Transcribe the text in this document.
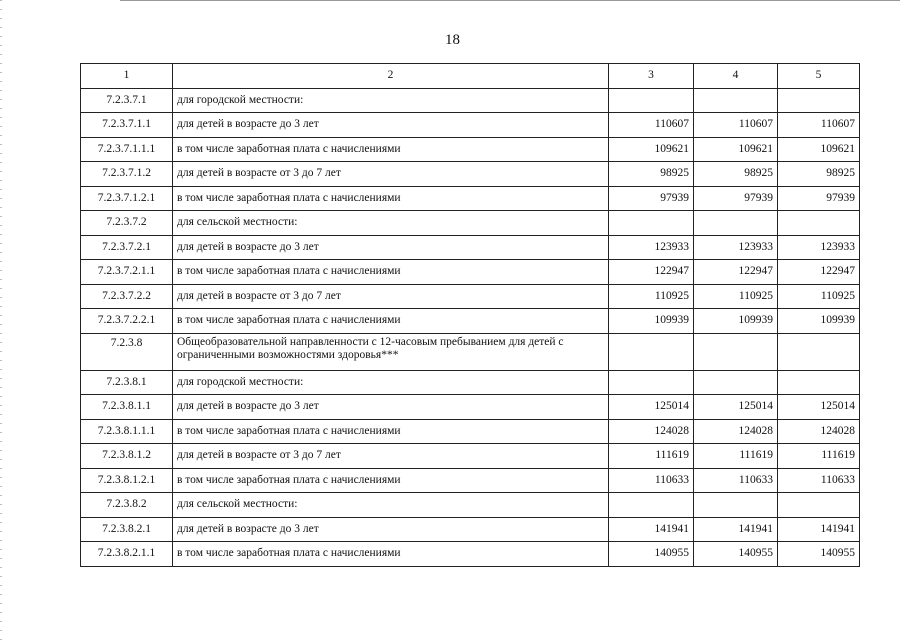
18
1	2	3	4	5
7.2.3.7.1	для городской местности:			
7.2.3.7.1.1	для детей в возрасте до 3 лет	110607	110607	110607
7.2.3.7.1.1.1	в том числе заработная плата с начислениями	109621	109621	109621
7.2.3.7.1.2	для детей в возрасте от 3 до 7 лет	98925	98925	98925
7.2.3.7.1.2.1	в том числе заработная плата с начислениями	97939	97939	97939
7.2.3.7.2	для сельской местности:			
7.2.3.7.2.1	для детей в возрасте до 3 лет	123933	123933	123933
7.2.3.7.2.1.1	в том числе заработная плата с начислениями	122947	122947	122947
7.2.3.7.2.2	для детей в возрасте от 3 до 7 лет	110925	110925	110925
7.2.3.7.2.2.1	в том числе заработная плата с начислениями	109939	109939	109939
7.2.3.8	Общеобразовательной направленности с 12-часовым пребыванием для детей с ограниченными возможностями здоровья***			
7.2.3.8.1	для городской местности:			
7.2.3.8.1.1	для детей в возрасте до 3 лет	125014	125014	125014
7.2.3.8.1.1.1	в том числе заработная плата с начислениями	124028	124028	124028
7.2.3.8.1.2	для детей в возрасте от 3 до 7 лет	111619	111619	111619
7.2.3.8.1.2.1	в том числе заработная плата с начислениями	110633	110633	110633
7.2.3.8.2	для сельской местности:			
7.2.3.8.2.1	для детей в возрасте до 3 лет	141941	141941	141941
7.2.3.8.2.1.1	в том числе заработная плата с начислениями	140955	140955	140955
